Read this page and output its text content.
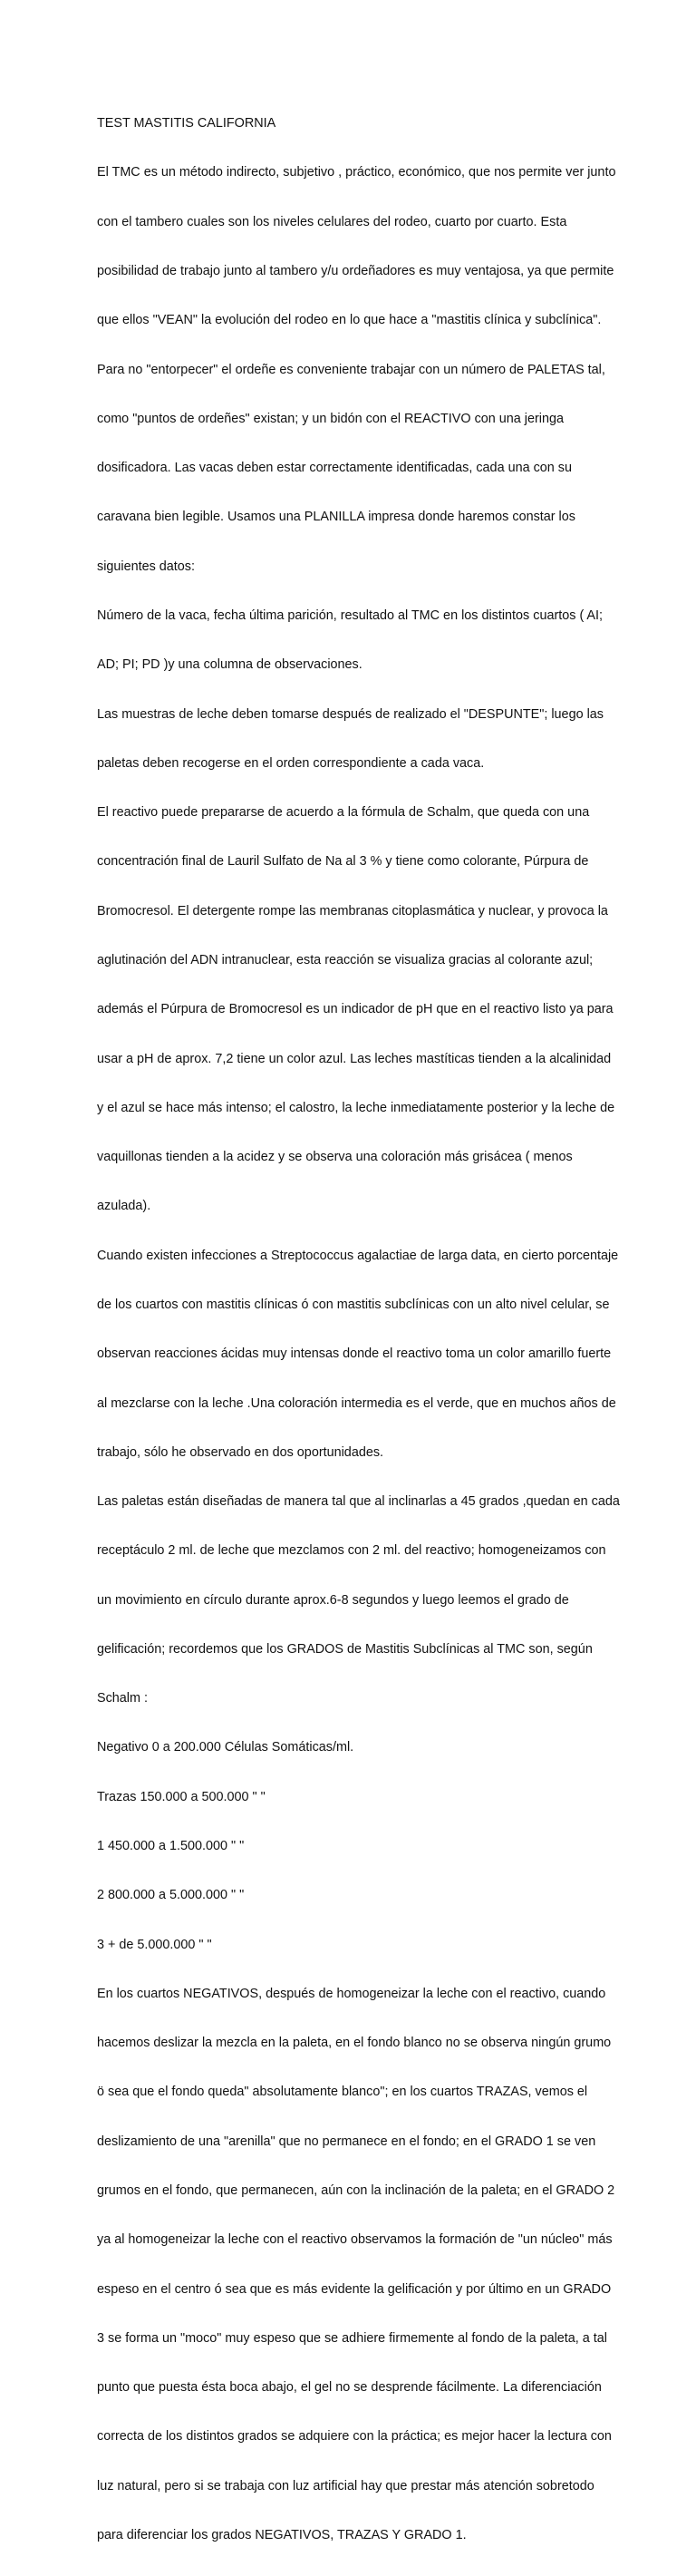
TEST MASTITIS CALIFORNIA

El TMC es un método indirecto, subjetivo , práctico, económico, que nos permite ver junto

con el tambero cuales son los niveles celulares del rodeo, cuarto por cuarto. Esta

posibilidad de trabajo junto al tambero y/u ordeñadores es muy ventajosa, ya que permite

que ellos "VEAN" la evolución del rodeo en lo que hace a "mastitis clínica y subclínica".

Para no "entorpecer" el ordeñe es conveniente trabajar con un número de PALETAS tal,

como "puntos de ordeñes" existan; y un bidón con el REACTIVO con una jeringa

dosificadora. Las vacas deben estar correctamente identificadas, cada una con su

caravana bien legible. Usamos una PLANILLA impresa donde haremos constar los

siguientes datos:

Número de la vaca, fecha última parición, resultado al TMC en los distintos cuartos ( AI;

AD; PI; PD )y una columna de observaciones.

Las muestras de leche deben tomarse después de realizado el "DESPUNTE"; luego las

paletas deben recogerse en el orden correspondiente a cada vaca.

El reactivo puede prepararse de acuerdo a la fórmula de Schalm, que queda con una

concentración final de Lauril Sulfato de Na al 3 % y tiene como colorante, Púrpura de

Bromocresol. El detergente rompe las membranas citoplasmática y nuclear, y provoca la

aglutinación del ADN intranuclear, esta reacción se visualiza gracias al colorante azul;

además el Púrpura de Bromocresol es un indicador de pH que en el reactivo listo ya para

usar a pH de aprox. 7,2 tiene un color azul. Las leches mastíticas tienden a la alcalinidad

y el azul se hace más intenso; el calostro, la leche inmediatamente posterior y la leche de

vaquillonas tienden a la acidez y se observa una coloración más grisácea ( menos

azulada).

Cuando existen infecciones a Streptococcus agalactiae de larga data, en cierto porcentaje

de los cuartos con mastitis clínicas ó con mastitis subclínicas con un alto nivel celular, se

observan reacciones ácidas muy intensas donde el reactivo toma un color amarillo fuerte

al mezclarse con la leche .Una coloración intermedia es el verde, que en muchos años de

trabajo, sólo he observado en dos oportunidades.

Las paletas están diseñadas de manera tal que al inclinarlas a 45 grados ,quedan en cada

receptáculo 2 ml. de leche que mezclamos con 2 ml. del reactivo; homogeneizamos con

un movimiento en círculo durante aprox.6-8 segundos y luego leemos el grado de

gelificación; recordemos que los GRADOS de Mastitis Subclínicas al TMC son, según

Schalm :

Negativo 0 a 200.000 Células Somáticas/ml.

Trazas 150.000 a 500.000 " "

1 450.000 a 1.500.000 " "

2 800.000 a 5.000.000 " "

3 + de 5.000.000 " "

En los cuartos NEGATIVOS, después de homogeneizar la leche con el reactivo, cuando

hacemos deslizar la mezcla en la paleta, en el fondo blanco no se observa ningún grumo

ö sea que el fondo queda" absolutamente blanco"; en los cuartos TRAZAS, vemos el

deslizamiento de una "arenilla" que no permanece en el fondo; en el GRADO 1 se ven

grumos en el fondo, que permanecen, aún con la inclinación de la paleta; en el GRADO 2

ya al homogeneizar la leche con el reactivo observamos la formación de "un núcleo" más

espeso en el centro ó sea que es más evidente la gelificación y por último en un GRADO

3 se forma un "moco" muy espeso que se adhiere firmemente al fondo de la paleta, a tal

punto que puesta ésta boca abajo, el gel no se desprende fácilmente. La diferenciación

correcta de los distintos grados se adquiere con la práctica; es mejor hacer la lectura con

luz natural, pero si se trabaja con luz artificial hay que prestar más atención sobretodo

para diferenciar los grados NEGATIVOS, TRAZAS Y GRADO 1.
